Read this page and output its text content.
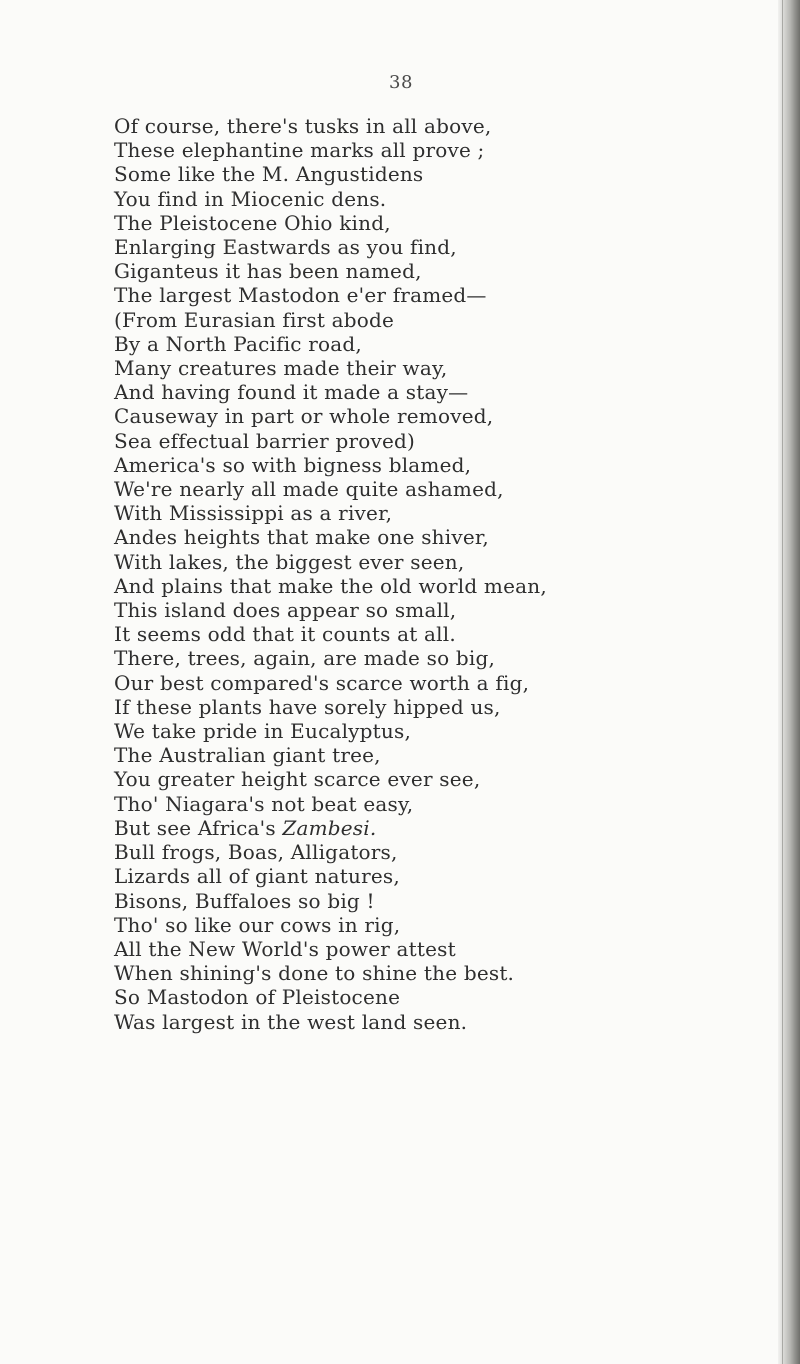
38
Of course, there's tusks in all above,
These elephantine marks all prove ;
Some like the M. Angustidens
You find in Miocenic dens.
The Pleistocene Ohio kind,
Enlarging Eastwards as you find,
Giganteus it has been named,
The largest Mastodon e'er framed—
(From Eurasian first abode
By a North Pacific road,
Many creatures made their way,
And having found it made a stay—
Causeway in part or whole removed,
Sea effectual barrier proved)
America's so with bigness blamed,
We're nearly all made quite ashamed,
With Mississippi as a river,
Andes heights that make one shiver,
With lakes, the biggest ever seen,
And plains that make the old world mean,
This island does appear so small,
It seems odd that it counts at all.
There, trees, again, are made so big,
Our best compared's scarce worth a fig,
If these plants have sorely hipped us,
We take pride in Eucalyptus,
The Australian giant tree,
You greater height scarce ever see,
Tho' Niagara's not beat easy,
But see Africa's Zambesi.
Bull frogs, Boas, Alligators,
Lizards all of giant natures,
Bisons, Buffaloes so big !
Tho' so like our cows in rig,
All the New World's power attest
When shining's done to shine the best.
So Mastodon of Pleistocene
Was largest in the west land seen.
